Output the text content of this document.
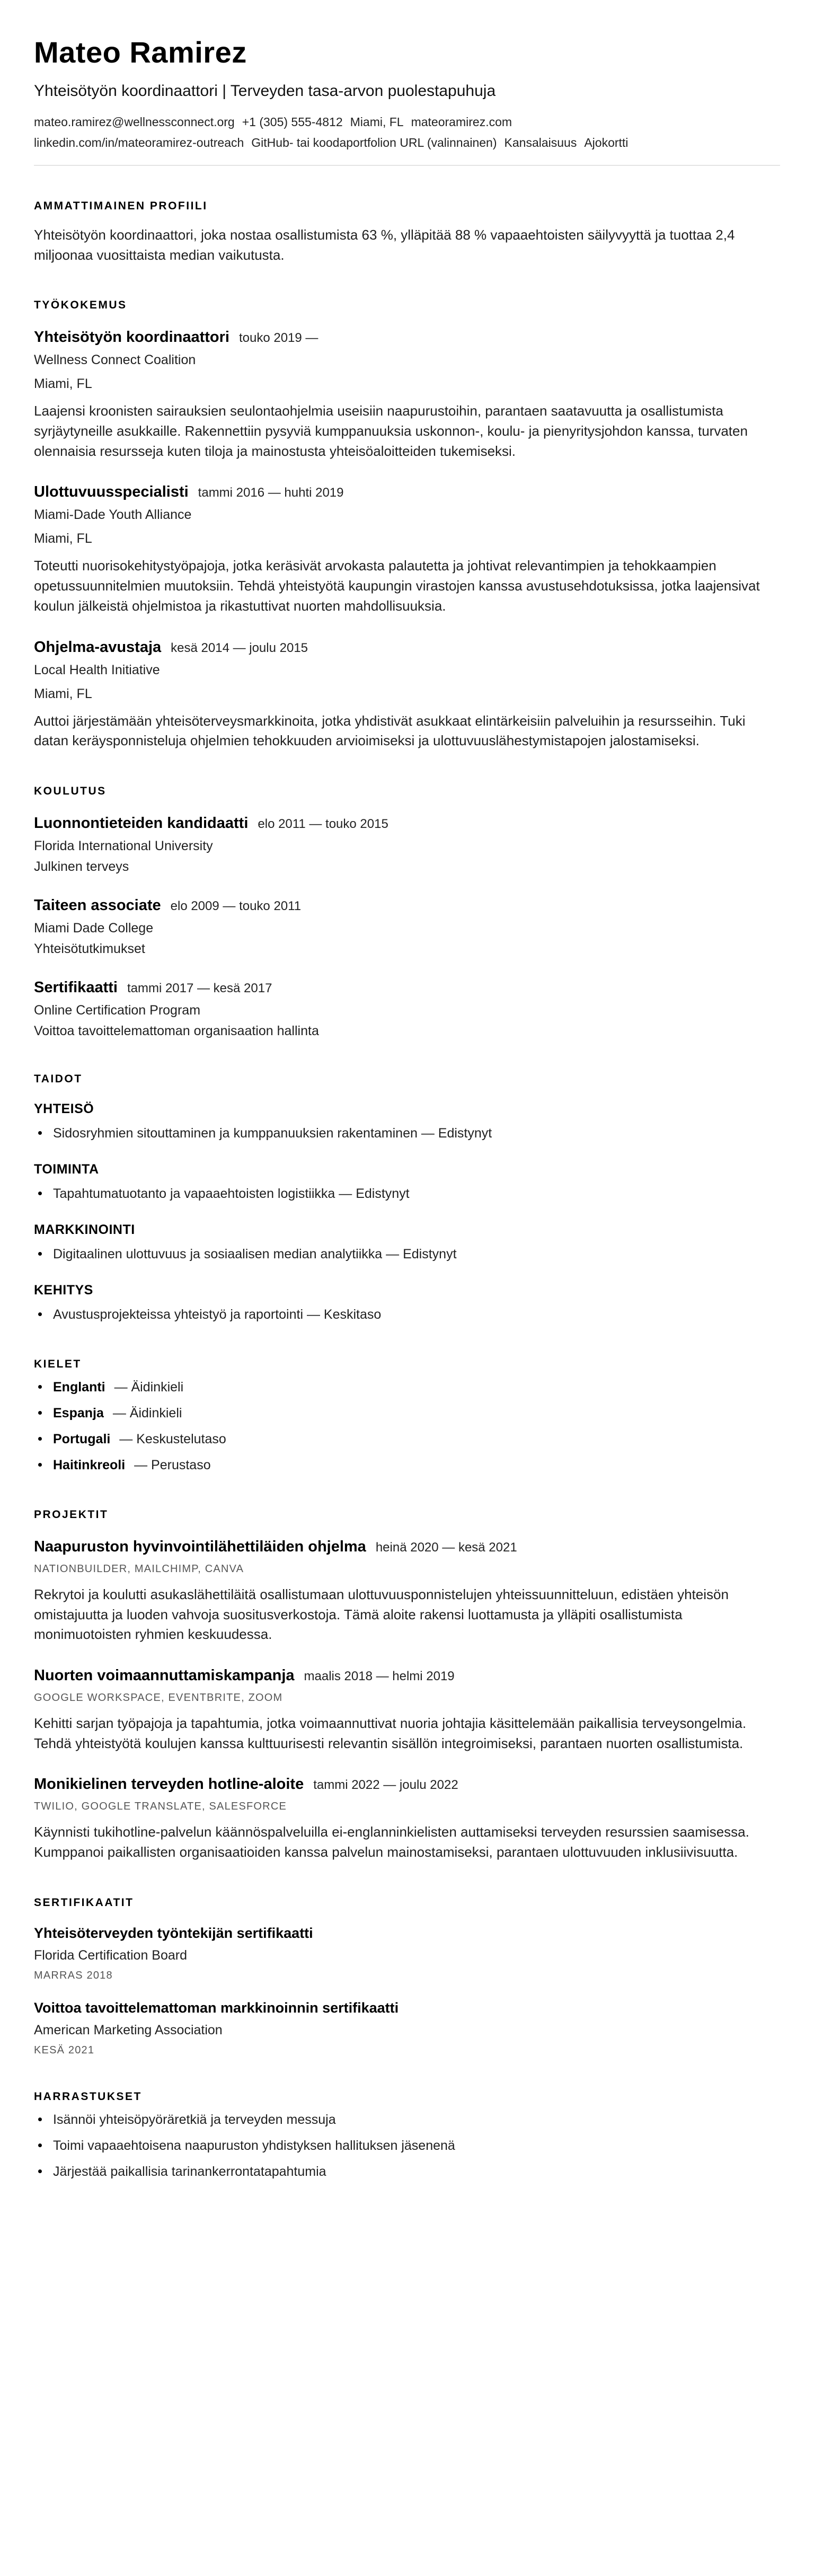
Mateo Ramirez
Yhteisötyön koordinaattori | Terveyden tasa-arvon puolestapuhuja
mateo.ramirez@wellnessconnect.org +1 (305) 555-4812 Miami, FL mateoramirez.com
linkedin.com/in/mateoramirez-outreach GitHub- tai koodaportfolion URL (valinnainen) Kansalaisuus Ajokortti
AMMATTIMAINEN PROFIILI

Yhteisötyön koordinaattori, joka nostaa osallistumista 63 %, ylläpitää 88 % vapaaehtoisten säilyvyyttä ja tuottaa 2,4 miljoonaa vuosittaista median vaikutusta.

TYÖKOKEMUS
Yhteisötyön koordinaattori touko 2019 —
Wellness Connect Coalition
Miami, FL

Laajensi kroonisten sairauksien seulontaohjelmia useisiin naapurustoihin, parantaen saatavuutta ja osallistumista syrjäytyneille asukkaille. Rakennettiin pysyviä kumppanuuksia uskonnon-, koulu- ja pienyritysjohdon kanssa, turvaten olennaisia resursseja kuten tiloja ja mainostusta yhteisöaloitteiden tukemiseksi.

Ulottuvuusspecialisti tammi 2016 — huhti 2019
Miami-Dade Youth Alliance
Miami, FL

Toteutti nuorisokehitystyöpajoja, jotka keräsivät arvokasta palautetta ja johtivat relevantimpien ja tehokkaampien opetussuunnitelmien muutoksiin. Tehdä yhteistyötä kaupungin virastojen kanssa avustusehdotuksissa, jotka laajensivat koulun jälkeistä ohjelmistoa ja rikastuttivat nuorten mahdollisuuksia.

Ohjelma-avustaja kesä 2014 — joulu 2015
Local Health Initiative
Miami, FL

Auttoi järjestämään yhteisöterveysmarkkinoita, jotka yhdistivät asukkaat elintärkeisiin palveluihin ja resursseihin. Tuki datan keräysponnisteluja ohjelmien tehokkuuden arvioimiseksi ja ulottuvuuslähestymistapojen jalostamiseksi.

KOULUTUS
Luonnontieteiden kandidaatti elo 2011 — touko 2015
Florida International University
Julkinen terveys
Taiteen associate elo 2009 — touko 2011
Miami Dade College
Yhteisötutkimukset
Sertifikaatti tammi 2017 — kesä 2017
Online Certification Program
Voittoa tavoittelemattoman organisaation hallinta
TAIDOT
YHTEISÖ
Sidosryhmien sitouttaminen ja kumppanuuksien rakentaminen — Edistynyt
TOIMINTA
Tapahtumatuotanto ja vapaaehtoisten logistiikka — Edistynyt
MARKKINOINTI
Digitaalinen ulottuvuus ja sosiaalisen median analytiikka — Edistynyt
KEHITYS
Avustusprojekteissa yhteistyö ja raportointi — Keskitaso
KIELET
Englanti — Äidinkieli
Espanja — Äidinkieli
Portugali — Keskustelutaso
Haitinkreoli — Perustaso
PROJEKTIT
Naapuruston hyvinvointilähettiläiden ohjelma heinä 2020 — kesä 2021
NATIONBUILDER, MAILCHIMP, CANVA

Rekrytoi ja koulutti asukaslähettiläitä osallistumaan ulottuvuusponnistelujen yhteissuunnitteluun, edistäen yhteisön omistajuutta ja luoden vahvoja suositusverkostoja. Tämä aloite rakensi luottamusta ja ylläpiti osallistumista monimuotoisten ryhmien keskuudessa.

Nuorten voimaannuttamiskampanja maalis 2018 — helmi 2019
GOOGLE WORKSPACE, EVENTBRITE, ZOOM

Kehitti sarjan työpajoja ja tapahtumia, jotka voimaannuttivat nuoria johtajia käsittelemään paikallisia terveysongelmia. Tehdä yhteistyötä koulujen kanssa kulttuurisesti relevantin sisällön integroimiseksi, parantaen nuorten osallistumista.

Monikielinen terveyden hotline-aloite tammi 2022 — joulu 2022
TWILIO, GOOGLE TRANSLATE, SALESFORCE

Käynnisti tukihotline-palvelun käännöspalveluilla ei-englanninkielisten auttamiseksi terveyden resurssien saamisessa. Kumppanoi paikallisten organisaatioiden kanssa palvelun mainostamiseksi, parantaen ulottuvuuden inklusiivisuutta.

SERTIFIKAATIT
Yhteisöterveyden työntekijän sertifikaatti
Florida Certification Board
MARRAS 2018
Voittoa tavoittelemattoman markkinoinnin sertifikaatti
American Marketing Association
KESÄ 2021
HARRASTUKSET
Isännöi yhteisöpyöräretkiä ja terveyden messuja
Toimi vapaaehtoisena naapuruston yhdistyksen hallituksen jäsenenä
Järjestää paikallisia tarinankerrontatapahtumia
